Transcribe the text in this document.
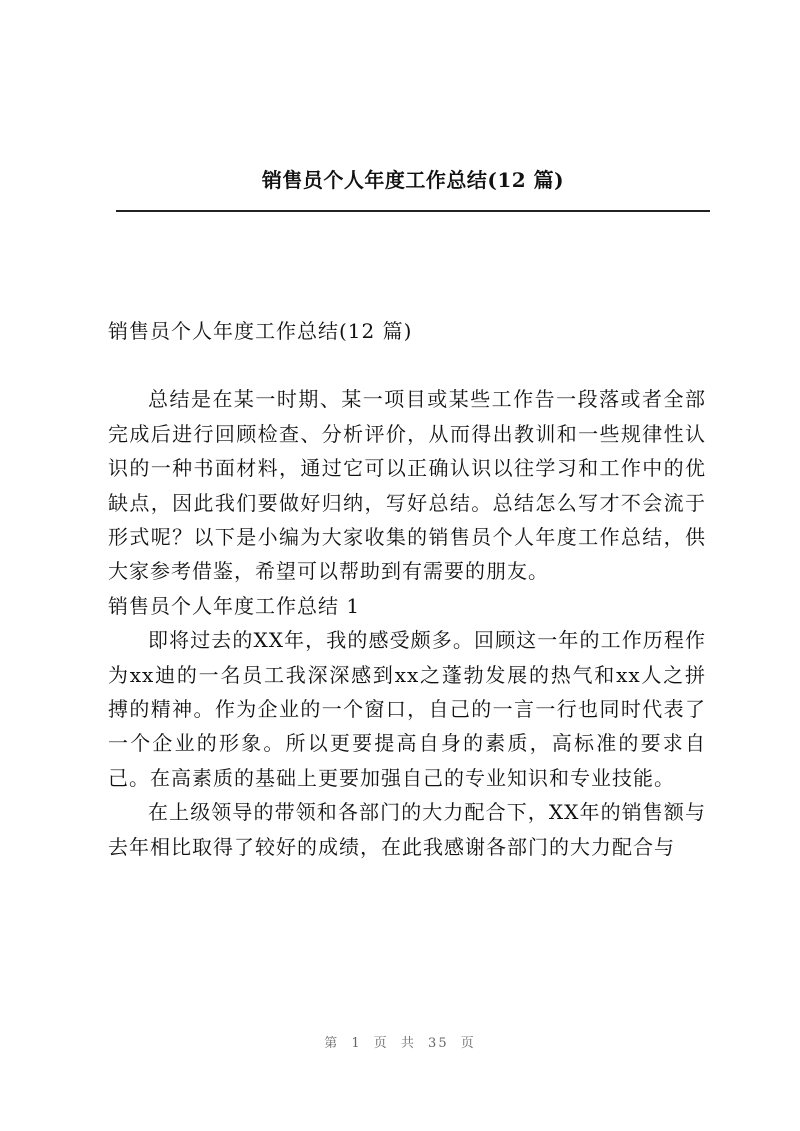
销售员个人年度工作总结(12 篇)

销售员个人年度工作总结(12 篇)

总结是在某一时期、某一项目或某些工作告一段落或者全部完成后进行回顾检查、分析评价，从而得出教训和一些规律性认识的一种书面材料，通过它可以正确认识以往学习和工作中的优缺点，因此我们要做好归纳，写好总结。总结怎么写才不会流于形式呢？以下是小编为大家收集的销售员个人年度工作总结，供大家参考借鉴，希望可以帮助到有需要的朋友。

销售员个人年度工作总结 1

即将过去的XX年，我的感受颇多。回顾这一年的工作历程作为xx迪的一名员工我深深感到xx之蓬勃发展的热气和xx人之拼搏的精神。作为企业的一个窗口，自己的一言一行也同时代表了一个企业的形象。所以更要提高自身的素质，高标准的要求自己。在高素质的基础上更要加强自己的专业知识和专业技能。

在上级领导的带领和各部门的大力配合下，XX年的销售额与去年相比取得了较好的成绩，在此我感谢各部门的大力配合与

第 1 页 共 35 页
